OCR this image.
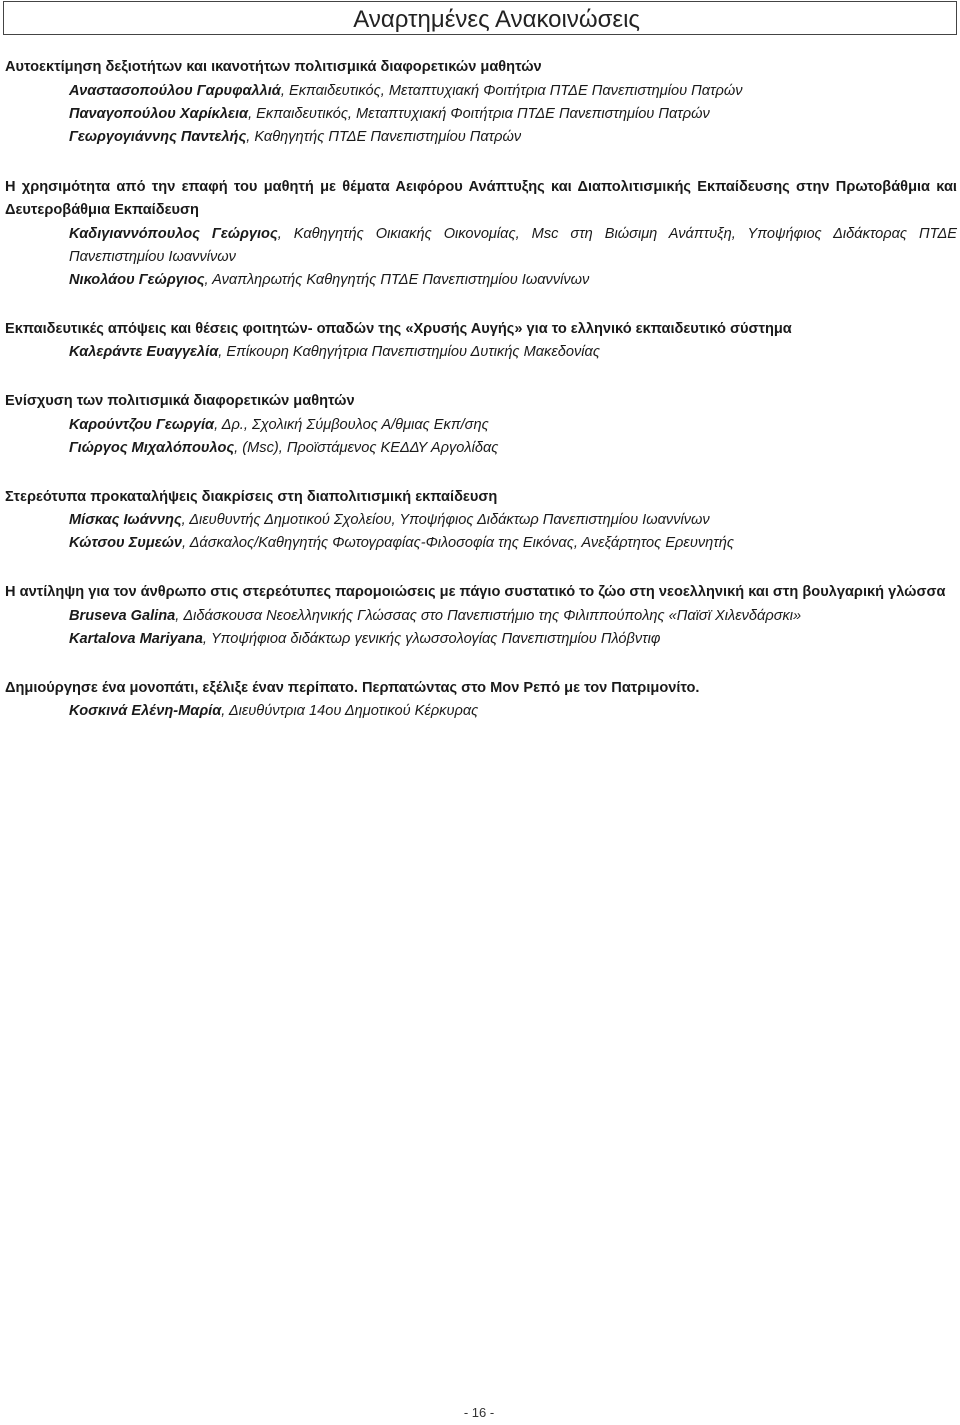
Αναρτημένες Ανακοινώσεις
Αυτοεκτίμηση δεξιοτήτων και ικανοτήτων πολιτισμικά διαφορετικών μαθητών
Αναστασοπούλου Γαρυφαλλιά, Εκπαιδευτικός, Μεταπτυχιακή Φοιτήτρια ΠΤΔΕ Πανεπιστημίου Πατρών
Παναγοπούλου Χαρίκλεια, Εκπαιδευτικός, Μεταπτυχιακή Φοιτήτρια ΠΤΔΕ Πανεπιστημίου Πατρών
Γεωργογιάννης Παντελής, Καθηγητής ΠΤΔΕ Πανεπιστημίου Πατρών
Η χρησιμότητα από την επαφή του μαθητή με θέματα Αειφόρου Ανάπτυξης και Διαπολιτισμικής Εκπαίδευσης στην Πρωτοβάθμια και Δευτεροβάθμια Εκπαίδευση
Καδιγιαννόπουλος Γεώργιος, Καθηγητής Οικιακής Οικονομίας, Msc στη Βιώσιμη Ανάπτυξη, Υποψήφιος Διδάκτορας ΠΤΔΕ Πανεπιστημίου Ιωαννίνων
Νικολάου Γεώργιος, Αναπληρωτής Καθηγητής ΠΤΔΕ Πανεπιστημίου Ιωαννίνων
Εκπαιδευτικές απόψεις και θέσεις φοιτητών- οπαδών της «Χρυσής Αυγής» για το ελληνικό εκπαιδευτικό σύστημα
Καλεράντε Ευαγγελία, Επίκουρη Καθηγήτρια Πανεπιστημίου Δυτικής Μακεδονίας
Ενίσχυση των πολιτισμικά διαφορετικών μαθητών
Καρούντζου Γεωργία, Δρ., Σχολική Σύμβουλος Α/θμιας Εκπ/σης
Γιώργος Μιχαλόπουλος, (Msc), Προϊστάμενος ΚΕΔΔΥ Αργολίδας
Στερεότυπα προκαταλήψεις διακρίσεις στη διαπολιτισμική εκπαίδευση
Μίσκας Ιωάννης, Διευθυντής Δημοτικού Σχολείου, Υποψήφιος Διδάκτωρ Πανεπιστημίου Ιωαννίνων
Κώτσου Συμεών, Δάσκαλος/Καθηγητής Φωτογραφίας-Φιλοσοφία της Εικόνας, Ανεξάρτητος Ερευνητής
Η αντίληψη για τον άνθρωπο στις στερεότυπες παρομοιώσεις με πάγιο συστατικό το ζώο στη νεοελληνική και στη βουλγαρική γλώσσα
Bruseva Galina, Διδάσκουσα Νεοελληνικής Γλώσσας στο Πανεπιστήμιο της Φιλιππούπολης «Παϊσϊ Χιλενδάρσκι»
Kartalova Mariyana, Υποψήφιοα διδάκτωρ γενικής γλωσσολογίας Πανεπιστημίου Πλόβντιφ
Δημιούργησε ένα μονοπάτι, εξέλιξε έναν περίπατο. Περπατώντας στο Μον Ρεπό με τον Πατριμονίτο.
Κοσκινά Ελένη-Μαρία, Διευθύντρια 14ου Δημοτικού Κέρκυρας
- 16 -
